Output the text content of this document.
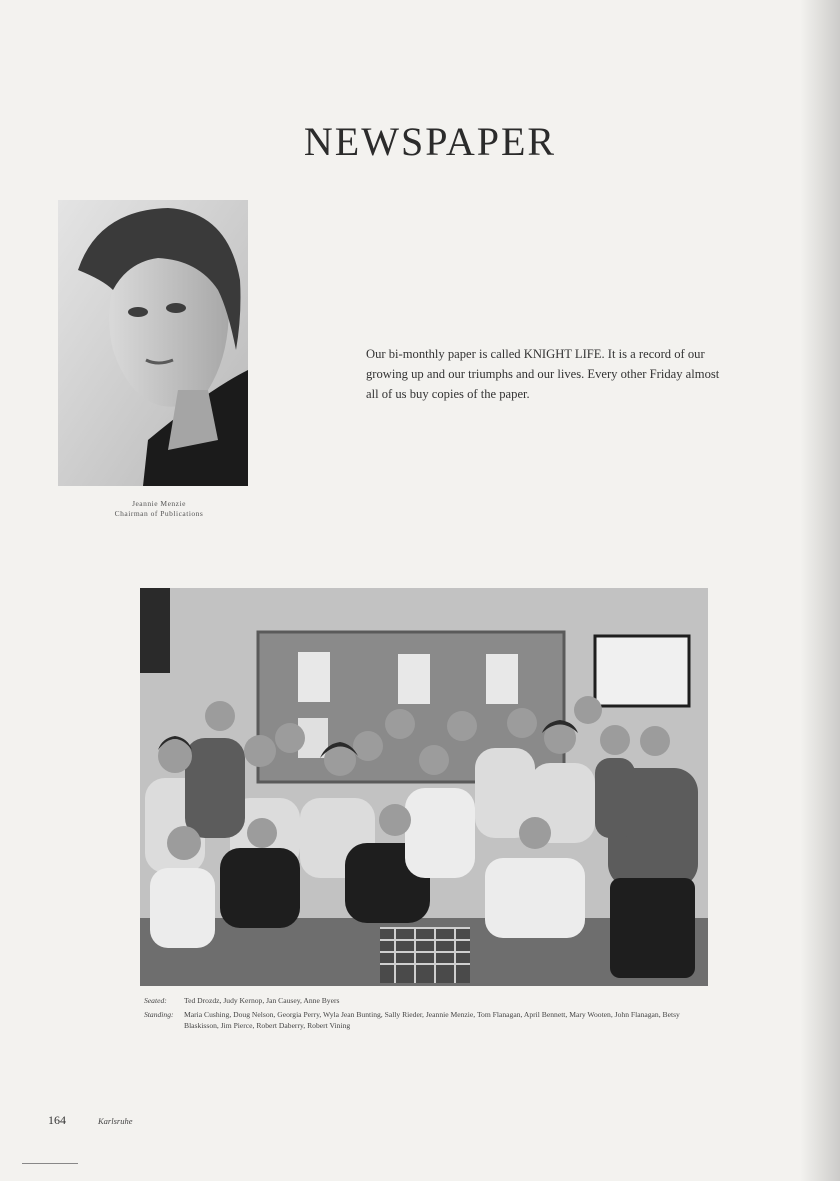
NEWSPAPER
Jeannie Menzie
Chairman of Publications
Our bi-monthly paper is called KNIGHT LIFE. It is a record of our growing up and our triumphs and our lives. Every other Friday almost all of us buy copies of the paper.
Seated:	Ted Drozdz, Judy Kernop, Jan Causey, Anne Byers
Standing:	Maria Cushing, Doug Nelson, Georgia Perry, Wyla Jean Bunting, Sally Rieder, Jeannie Menzie, Tom Flanagan, April Bennett, Mary Wooten, John Flanagan, Betsy Blaskisson, Jim Pierce, Robert Daberry, Robert Vining
164	Karlsruhe
